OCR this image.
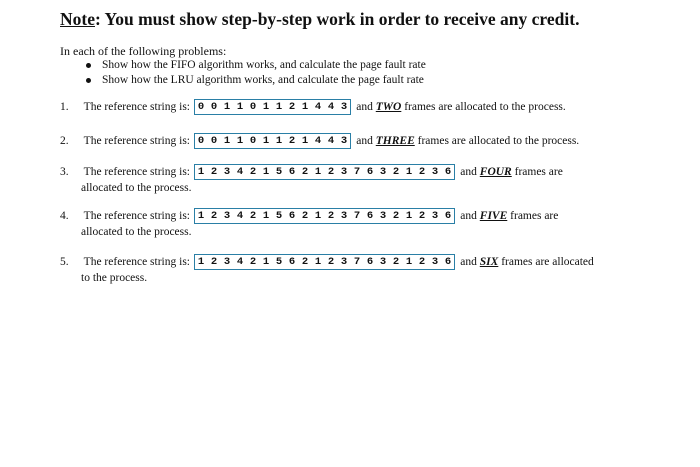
Note: You must show step-by-step work in order to receive any credit.
In each of the following problems:
Show how the FIFO algorithm works, and calculate the page fault rate
Show how the LRU algorithm works, and calculate the page fault rate
1. The reference string is: 0 0 1 1 0 1 1 2 1 4 4 3 and TWO frames are allocated to the process.
2. The reference string is: 0 0 1 1 0 1 1 2 1 4 4 3 and THREE frames are allocated to the process.
3. The reference string is: 1 2 3 4 2 1 5 6 2 1 2 3 7 6 3 2 1 2 3 6 and FOUR frames are
allocated to the process.
4. The reference string is: 1 2 3 4 2 1 5 6 2 1 2 3 7 6 3 2 1 2 3 6 and FIVE frames are
allocated to the process.
5. The reference string is: 1 2 3 4 2 1 5 6 2 1 2 3 7 6 3 2 1 2 3 6 and SIX frames are allocated
to the process.
